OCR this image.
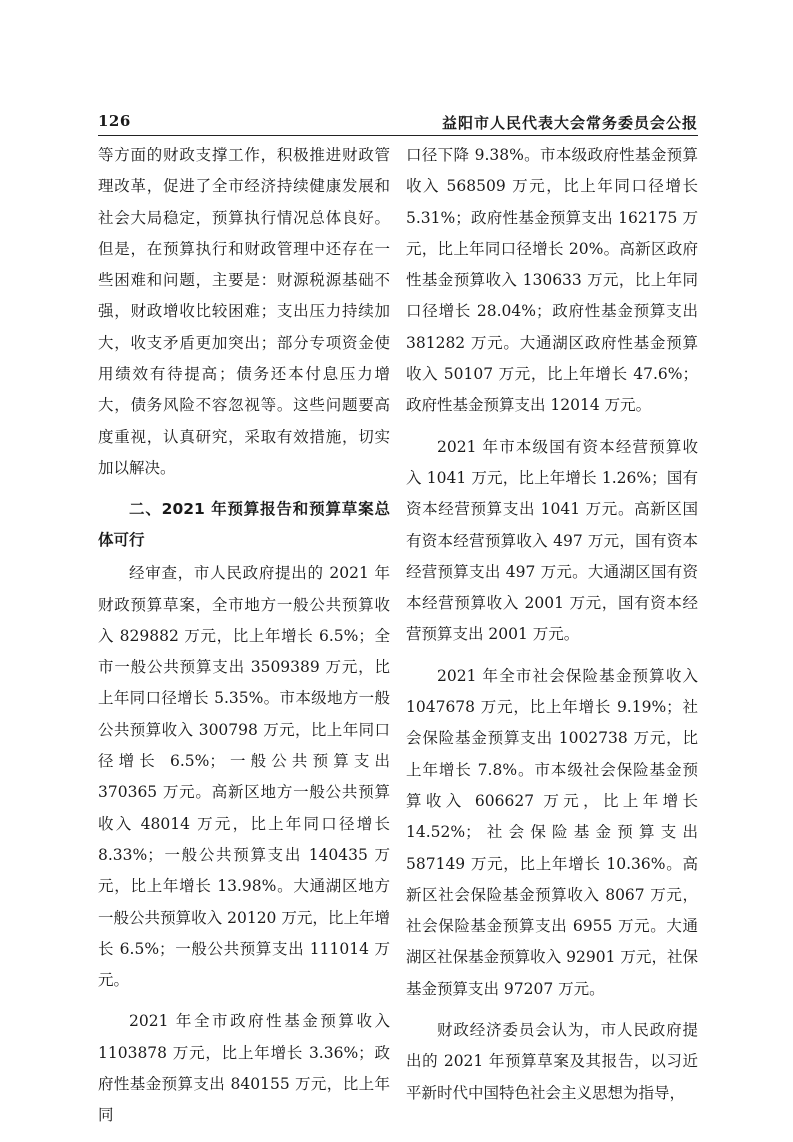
126	益阳市人民代表大会常务委员会公报

等方面的财政支撑工作，积极推进财政管理改革，促进了全市经济持续健康发展和社会大局稳定，预算执行情况总体良好。但是，在预算执行和财政管理中还存在一些困难和问题，主要是：财源税源基础不强，财政增收比较困难；支出压力持续加大，收支矛盾更加突出；部分专项资金使用绩效有待提高；债务还本付息压力增大，债务风险不容忽视等。这些问题要高度重视，认真研究，采取有效措施，切实加以解决。

二、2021 年预算报告和预算草案总体可行

经审查，市人民政府提出的 2021 年财政预算草案，全市地方一般公共预算收入 829882 万元，比上年增长 6.5%；全市一般公共预算支出 3509389 万元，比上年同口径增长 5.35%。市本级地方一般公共预算收入 300798 万元，比上年同口径增长 6.5%；一般公共预算支出 370365 万元。高新区地方一般公共预算收入 48014 万元，比上年同口径增长 8.33%；一般公共预算支出 140435 万元，比上年增长 13.98%。大通湖区地方一般公共预算收入 20120 万元，比上年增长 6.5%；一般公共预算支出 111014 万元。

2021 年全市政府性基金预算收入 1103878 万元，比上年增长 3.36%；政府性基金预算支出 840155 万元，比上年同

口径下降 9.38%。市本级政府性基金预算收入 568509 万元，比上年同口径增长 5.31%；政府性基金预算支出 162175 万元，比上年同口径增长 20%。高新区政府性基金预算收入 130633 万元，比上年同口径增长 28.04%；政府性基金预算支出 381282 万元。大通湖区政府性基金预算收入 50107 万元，比上年增长 47.6%；政府性基金预算支出 12014 万元。

2021 年市本级国有资本经营预算收入 1041 万元，比上年增长 1.26%；国有资本经营预算支出 1041 万元。高新区国有资本经营预算收入 497 万元，国有资本经营预算支出 497 万元。大通湖区国有资本经营预算收入 2001 万元，国有资本经营预算支出 2001 万元。

2021 年全市社会保险基金预算收入 1047678 万元，比上年增长 9.19%；社会保险基金预算支出 1002738 万元，比上年增长 7.8%。市本级社会保险基金预算收入 606627 万元，比上年增长 14.52%；社会保险基金预算支出 587149 万元，比上年增长 10.36%。高新区社会保险基金预算收入 8067 万元，社会保险基金预算支出 6955 万元。大通湖区社保基金预算收入 92901 万元，社保基金预算支出 97207 万元。

财政经济委员会认为，市人民政府提出的 2021 年预算草案及其报告，以习近平新时代中国特色社会主义思想为指导，
